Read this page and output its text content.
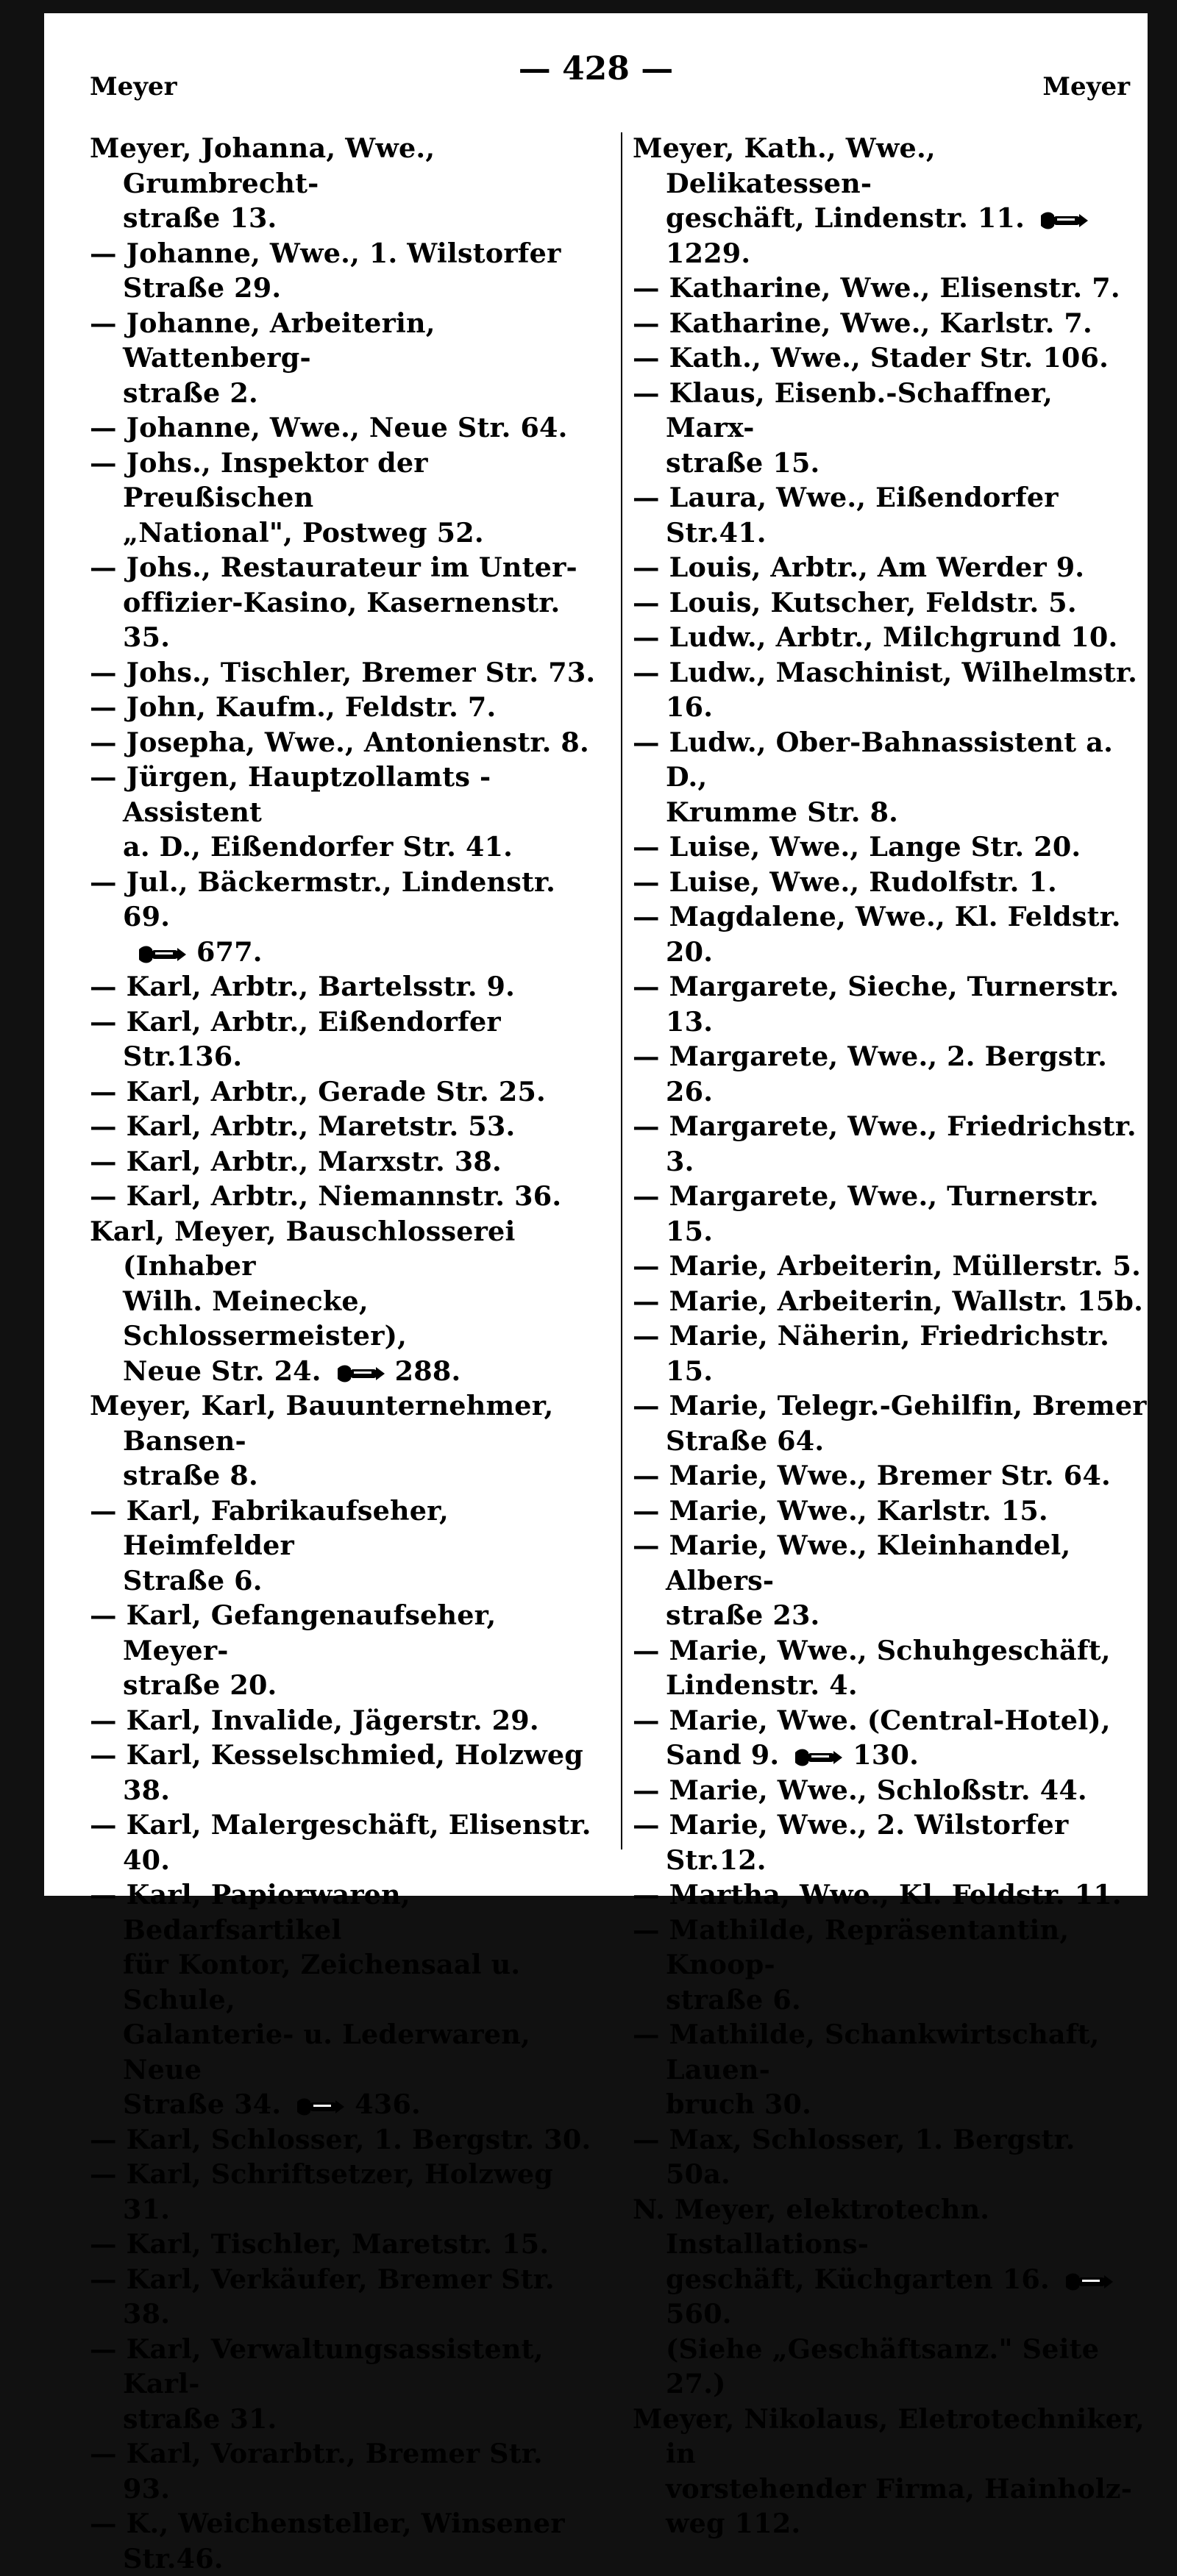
Meyer	— 428 —	Meyer
Meyer, Johanna, Wwe., Grumbrecht-
straße 13.
— Johanne, Wwe., 1. Wilstorfer
Straße 29.
— Johanne, Arbeiterin, Wattenberg-
straße 2.
— Johanne, Wwe., Neue Str. 64.
— Johs., Inspektor der Preußischen
„National", Postweg 52.
— Johs., Restaurateur im Unter-
offizier-Kasino, Kasernenstr. 35.
— Johs., Tischler, Bremer Str. 73.
— John, Kaufm., Feldstr. 7.
— Josepha, Wwe., Antonienstr. 8.
— Jürgen, Hauptzollamts - Assistent
a. D., Eißendorfer Str. 41.
— Jul., Bäckermstr., Lindenstr. 69.
677.
— Karl, Arbtr., Bartelsstr. 9.
— Karl, Arbtr., Eißendorfer Str.136.
— Karl, Arbtr., Gerade Str. 25.
— Karl, Arbtr., Maretstr. 53.
— Karl, Arbtr., Marxstr. 38.
— Karl, Arbtr., Niemannstr. 36.
Karl, Meyer, Bauschlosserei (Inhaber
Wilh. Meinecke, Schlossermeister),
Neue Str. 24.	288.
Meyer, Karl, Bauunternehmer, Bansen-
straße 8.
— Karl, Fabrikaufseher, Heimfelder
Straße 6.
— Karl, Gefangenaufseher, Meyer-
straße 20.
— Karl, Invalide, Jägerstr. 29.
— Karl, Kesselschmied, Holzweg 38.
— Karl, Malergeschäft, Elisenstr. 40.
— Karl, Papierwaren, Bedarfsartikel
für Kontor, Zeichensaal u. Schule,
Galanterie- u. Lederwaren, Neue
Straße 34.	436.
— Karl, Schlosser, 1. Bergstr. 30.
— Karl, Schriftsetzer, Holzweg 31.
— Karl, Tischler, Maretstr. 15.
— Karl, Verkäufer, Bremer Str. 38.
— Karl, Verwaltungsassistent, Karl-
straße 31.
— Karl, Vorarbtr., Bremer Str. 93.
— K., Weichensteller, Winsener Str.46.
Meyer, Kath., Wwe., Delikatessen-
geschäft, Lindenstr. 11.1229.
— Katharine, Wwe., Elisenstr. 7.
— Katharine, Wwe., Karlstr. 7.
— Kath., Wwe., Stader Str. 106.
— Klaus, Eisenb.-Schaffner, Marx-
straße 15.
— Laura, Wwe., Eißendorfer Str.41.
— Louis, Arbtr., Am Werder 9.
— Louis, Kutscher, Feldstr. 5.
— Ludw., Arbtr., Milchgrund 10.
— Ludw., Maschinist, Wilhelmstr. 16.
— Ludw., Ober-Bahnassistent a. D.,
Krumme Str. 8.
— Luise, Wwe., Lange Str. 20.
— Luise, Wwe., Rudolfstr. 1.
— Magdalene, Wwe., Kl. Feldstr. 20.
— Margarete, Sieche, Turnerstr. 13.
— Margarete, Wwe., 2. Bergstr. 26.
— Margarete, Wwe., Friedrichstr. 3.
— Margarete, Wwe., Turnerstr. 15.
— Marie, Arbeiterin, Müllerstr. 5.
— Marie, Arbeiterin, Wallstr. 15b.
— Marie, Näherin, Friedrichstr. 15.
— Marie, Telegr.-Gehilfin, Bremer
Straße 64.
— Marie, Wwe., Bremer Str. 64.
— Marie, Wwe., Karlstr. 15.
— Marie, Wwe., Kleinhandel, Albers-
straße 23.
— Marie, Wwe., Schuhgeschäft,
Lindenstr. 4.
— Marie, Wwe. (Central-Hotel),
Sand 9.	130.
— Marie, Wwe., Schloßstr. 44.
— Marie, Wwe., 2. Wilstorfer Str.12.
— Martha, Wwe., Kl. Feldstr. 11.
— Mathilde, Repräsentantin, Knoop-
straße 6.
— Mathilde, Schankwirtschaft, Lauen-
bruch 30.
— Max, Schlosser, 1. Bergstr. 50a.
N. Meyer, elektrotechn. Installations-
geschäft, Küchgarten 16.560.
(Siehe „Geschäftsanz." Seite 27.)
Meyer, Nikolaus, Eletrotechniker, in
vorstehender Firma, Hainholz-
weg 112.
